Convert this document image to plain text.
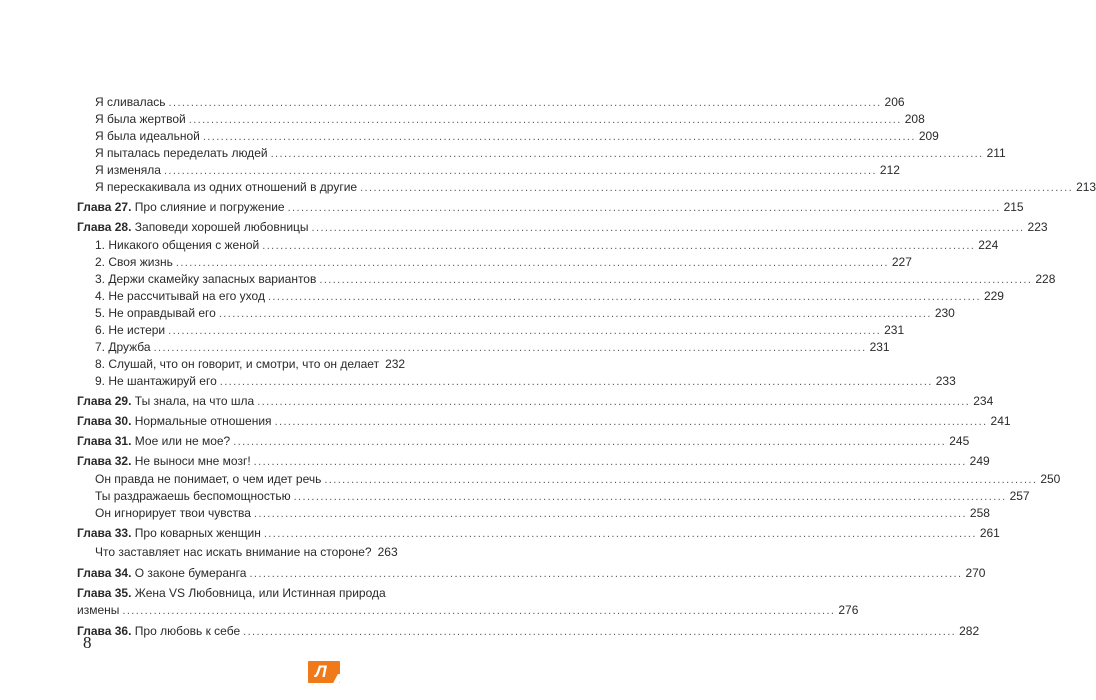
Я сливалась ................................................................................................................................................................ 206
Я была жертвой ................................................................................................................................................................ 208
Я была идеальной ................................................................................................................................................................ 209
Я пыталась переделать людей ................................................................................................................................................................ 211
Я изменяла ................................................................................................................................................................ 212
Я перескакивала из одних отношений в другие ................................................................................................................................................................ 213
Глава 27. Про слияние и погружение ................................................................................................................................................................ 215
Глава 28. Заповеди хорошей любовницы ................................................................................................................................................................ 223
1. Никакого общения с женой ................................................................................................................................................................ 224
2. Своя жизнь ................................................................................................................................................................ 227
3. Держи скамейку запасных вариантов ................................................................................................................................................................ 228
4. Не рассчитывай на его уход ................................................................................................................................................................ 229
5. Не оправдывай его ................................................................................................................................................................ 230
6. Не истери ................................................................................................................................................................ 231
7. Дружба ................................................................................................................................................................ 231
8. Слушай, что он говорит, и смотри, что он делает 232
9. Не шантажируй его ................................................................................................................................................................ 233
Глава 29. Ты знала, на что шла ................................................................................................................................................................ 234
Глава 30. Нормальные отношения ................................................................................................................................................................ 241
Глава 31. Мое или не мое? ................................................................................................................................................................ 245
Глава 32. Не выноси мне мозг! ................................................................................................................................................................ 249
Он правда не понимает, о чем идет речь ................................................................................................................................................................ 250
Ты раздражаешь беспомощностью ................................................................................................................................................................ 257
Он игнорирует твои чувства ................................................................................................................................................................ 258
Глава 33. Про коварных женщин ................................................................................................................................................................ 261
Что заставляет нас искать внимание на стороне? 263
Глава 34. О законе бумеранга ................................................................................................................................................................ 270
Глава 35. Жена VS Любовница, или Истинная природа
измены ................................................................................................................................................................ 276
Глава 36. Про любовь к себе ................................................................................................................................................................ 282
8
Л
